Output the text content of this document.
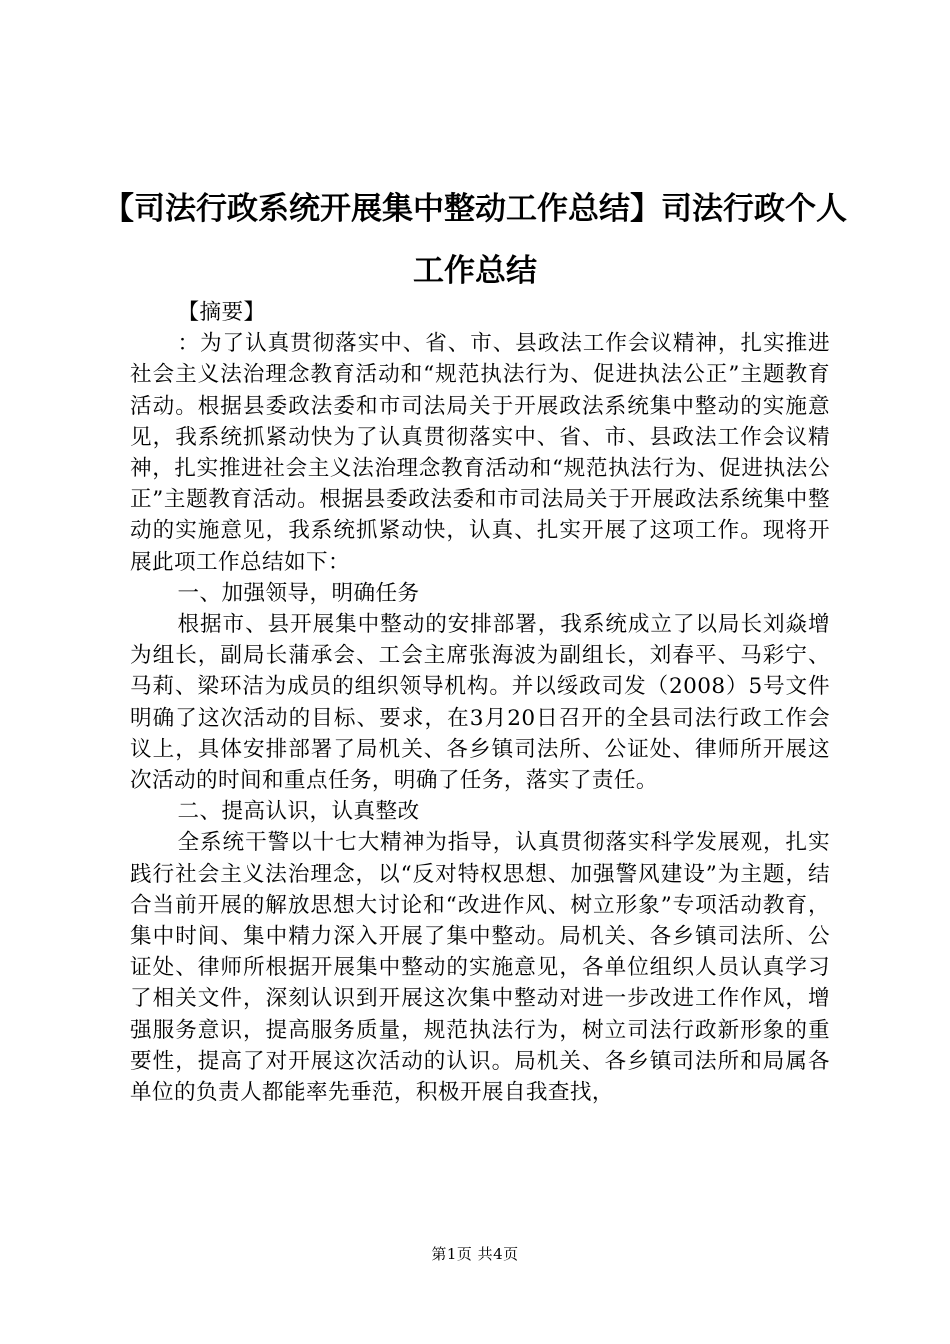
【司法行政系统开展集中整动工作总结】司法行政个人工作总结

【摘要】

：为了认真贯彻落实中、省、市、县政法工作会议精神，扎实推进社会主义法治理念教育活动和“规范执法行为、促进执法公正”主题教育活动。根据县委政法委和市司法局关于开展政法系统集中整动的实施意见，我系统抓紧动快为了认真贯彻落实中、省、市、县政法工作会议精神，扎实推进社会主义法治理念教育活动和“规范执法行为、促进执法公正”主题教育活动。根据县委政法委和市司法局关于开展政法系统集中整动的实施意见，我系统抓紧动快，认真、扎实开展了这项工作。现将开展此项工作总结如下：

一、加强领导，明确任务

根据市、县开展集中整动的安排部署，我系统成立了以局长刘焱增为组长，副局长蒲承会、工会主席张海波为副组长，刘春平、马彩宁、马莉、梁环洁为成员的组织领导机构。并以绥政司发（2008）5号文件明确了这次活动的目标、要求，在3月20日召开的全县司法行政工作会议上，具体安排部署了局机关、各乡镇司法所、公证处、律师所开展这次活动的时间和重点任务，明确了任务，落实了责任。

二、提高认识，认真整改

全系统干警以十七大精神为指导，认真贯彻落实科学发展观，扎实践行社会主义法治理念，以“反对特权思想、加强警风建设”为主题，结合当前开展的解放思想大讨论和“改进作风、树立形象”专项活动教育，集中时间、集中精力深入开展了集中整动。局机关、各乡镇司法所、公证处、律师所根据开展集中整动的实施意见，各单位组织人员认真学习了相关文件，深刻认识到开展这次集中整动对进一步改进工作作风，增强服务意识，提高服务质量，规范执法行为，树立司法行政新形象的重要性，提高了对开展这次活动的认识。局机关、各乡镇司法所和局属各单位的负责人都能率先垂范，积极开展自我查找，

第1页 共4页
